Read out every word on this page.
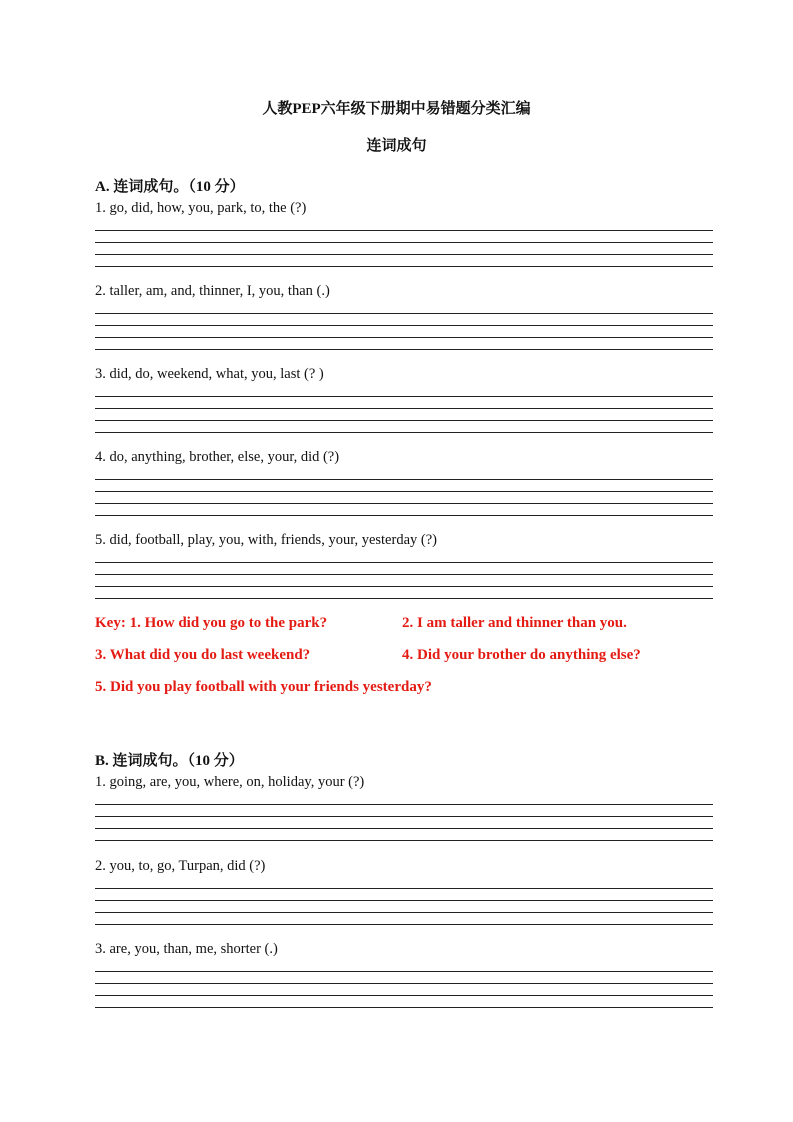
人教PEP六年级下册期中易错题分类汇编
连词成句
A. 连词成句。（10 分）
1. go, did, how, you, park, to, the (?)
2. taller, am, and, thinner, I, you, than (.)
3. did, do, weekend, what, you, last (? )
4. do, anything, brother, else, your, did (?)
5. did, football, play, you, with, friends, your, yesterday (?)
Key: 1. How did you go to the park?	2. I am taller and thinner than you.
3. What did you do last weekend?	4. Did your brother do anything else?
5. Did you play football with your friends yesterday?
B. 连词成句。（10 分）
1. going, are, you, where, on, holiday, your (?)
2. you, to, go, Turpan, did (?)
3. are, you, than, me, shorter (.)
